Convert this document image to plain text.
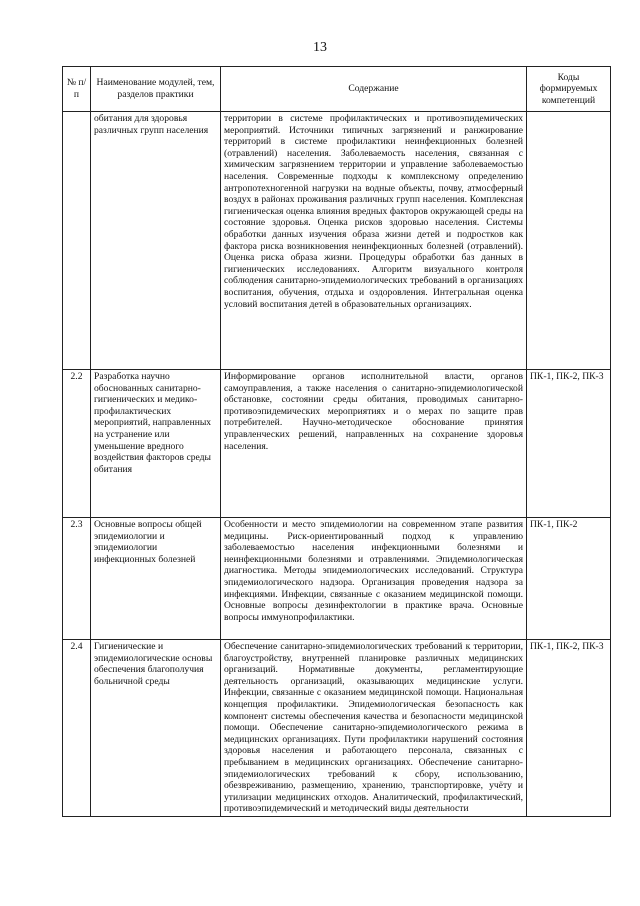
13
№ п/п	Наименование модулей, тем, разделов практики	Содержание	Коды формируемых компетенций
	обитания для здоровья различных групп населения	территории в системе профилактических и противоэпидемических мероприятий. Источники типичных загрязнений и ранжирование территорий в системе профилактики неинфекционных болезней (отравлений) населения. Заболеваемость населения, связанная с химическим загрязнением территории и управление заболеваемостью населения. Современные подходы к комплексному определению антропотехногенной нагрузки на водные объекты, почву, атмосферный воздух в районах проживания различных групп населения. Комплексная гигиеническая оценка влияния вредных факторов окружающей среды на состояние здоровья. Оценка рисков здоровью населения. Системы обработки данных изучения образа жизни детей и подростков как фактора риска возникновения неинфекционных болезней (отравлений). Оценка риска образа жизни. Процедуры обработки баз данных в гигиенических исследованиях. Алгоритм визуального контроля соблюдения санитарно-эпидемиологических требований в организациях воспитания, обучения, отдыха и оздоровления. Интегральная оценка условий воспитания детей в образовательных организациях.	
2.2	Разработка научно обоснованных санитарно-гигиенических и медико-профилактических мероприятий, направленных на устранение или уменьшение вредного воздействия факторов среды обитания	Информирование органов исполнительной власти, органов самоуправления, а также населения о санитарно-эпидемиологической обстановке, состоянии среды обитания, проводимых санитарно-противоэпидемических мероприятиях и о мерах по защите прав потребителей. Научно-методическое обоснование принятия управленческих решений, направленных на сохранение здоровья населения.	ПК-1, ПК-2, ПК-3
2.3	Основные вопросы общей эпидемиологии и эпидемиологии инфекционных болезней	Особенности и место эпидемиологии на современном этапе развития медицины. Риск-ориентированный подход к управлению заболеваемостью населения инфекционными болезнями и неинфекционными болезнями и отравлениями. Эпидемиологическая диагностика. Методы эпидемиологических исследований. Структура эпидемиологического надзора. Организация проведения надзора за инфекциями. Инфекции, связанные с оказанием медицинской помощи. Основные вопросы дезинфектологии в практике врача. Основные вопросы иммунопрофилактики.	ПК-1, ПК-2
2.4	Гигиенические и эпидемиологические основы обеспечения благополучия больничной среды	Обеспечение санитарно-эпидемиологических требований к территории, благоустройству, внутренней планировке различных медицинских организаций. Нормативные документы, регламентирующие деятельность организаций, оказывающих медицинские услуги. Инфекции, связанные с оказанием медицинской помощи. Национальная концепция профилактики. Эпидемиологическая безопасность как компонент системы обеспечения качества и безопасности медицинской помощи. Обеспечение санитарно-эпидемиологического режима в медицинских организациях. Пути профилактики нарушений состояния здоровья населения и работающего персонала, связанных с пребыванием в медицинских организациях. Обеспечение санитарно-эпидемиологических требований к сбору, использованию, обезвреживанию, размещению, хранению, транспортировке, учёту и утилизации медицинских отходов. Аналитический, профилактический, противоэпидемический и методический виды деятельности	ПК-1, ПК-2, ПК-3
